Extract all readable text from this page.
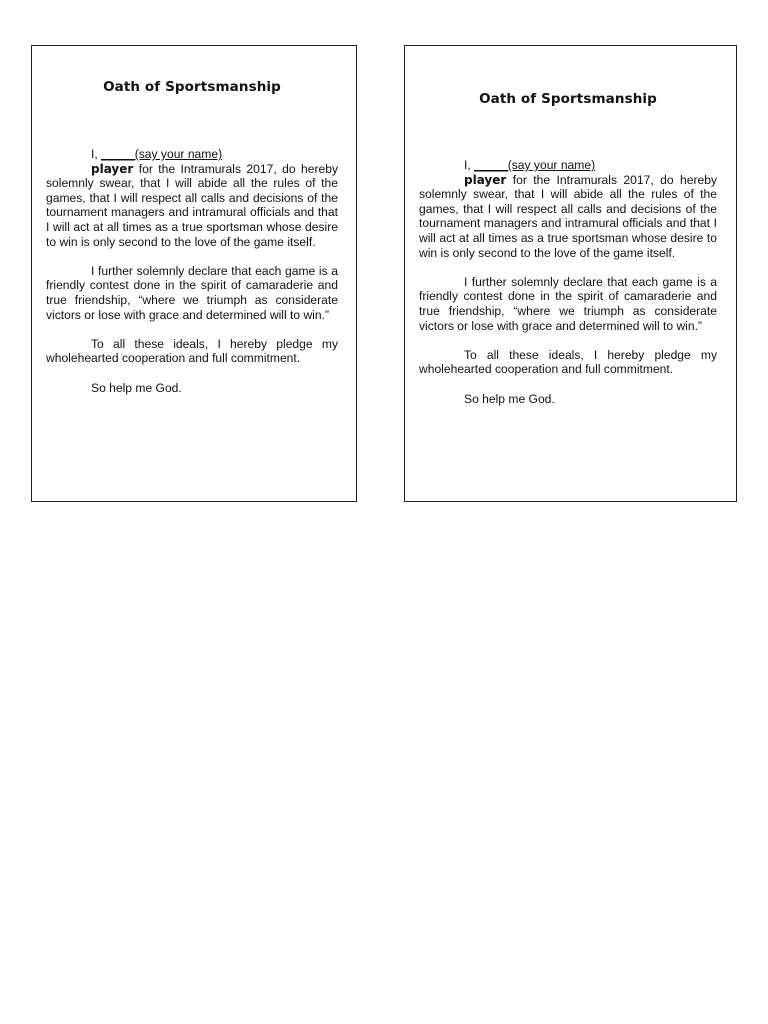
Oath of Sportsmanship

I, _____(say your name)
player for the Intramurals 2017, do hereby solemnly swear, that I will abide all the rules of the games, that I will respect all calls and decisions of the tournament managers and intramural officials and that I will act at all times as a true sportsman whose desire to win is only second to the love of the game itself.

I further solemnly declare that each game is a friendly contest done in the spirit of camaraderie and true friendship, “where we triumph as considerate victors or lose with grace and determined will to win.”

To all these ideals, I hereby pledge my wholehearted cooperation and full commitment.

So help me God.

Oath of Sportsmanship

I, _____(say your name)
player for the Intramurals 2017, do hereby solemnly swear, that I will abide all the rules of the games, that I will respect all calls and decisions of the tournament managers and intramural officials and that I will act at all times as a true sportsman whose desire to win is only second to the love of the game itself.

I further solemnly declare that each game is a friendly contest done in the spirit of camaraderie and true friendship, “where we triumph as considerate victors or lose with grace and determined will to win.”

To all these ideals, I hereby pledge my wholehearted cooperation and full commitment.

So help me God.
